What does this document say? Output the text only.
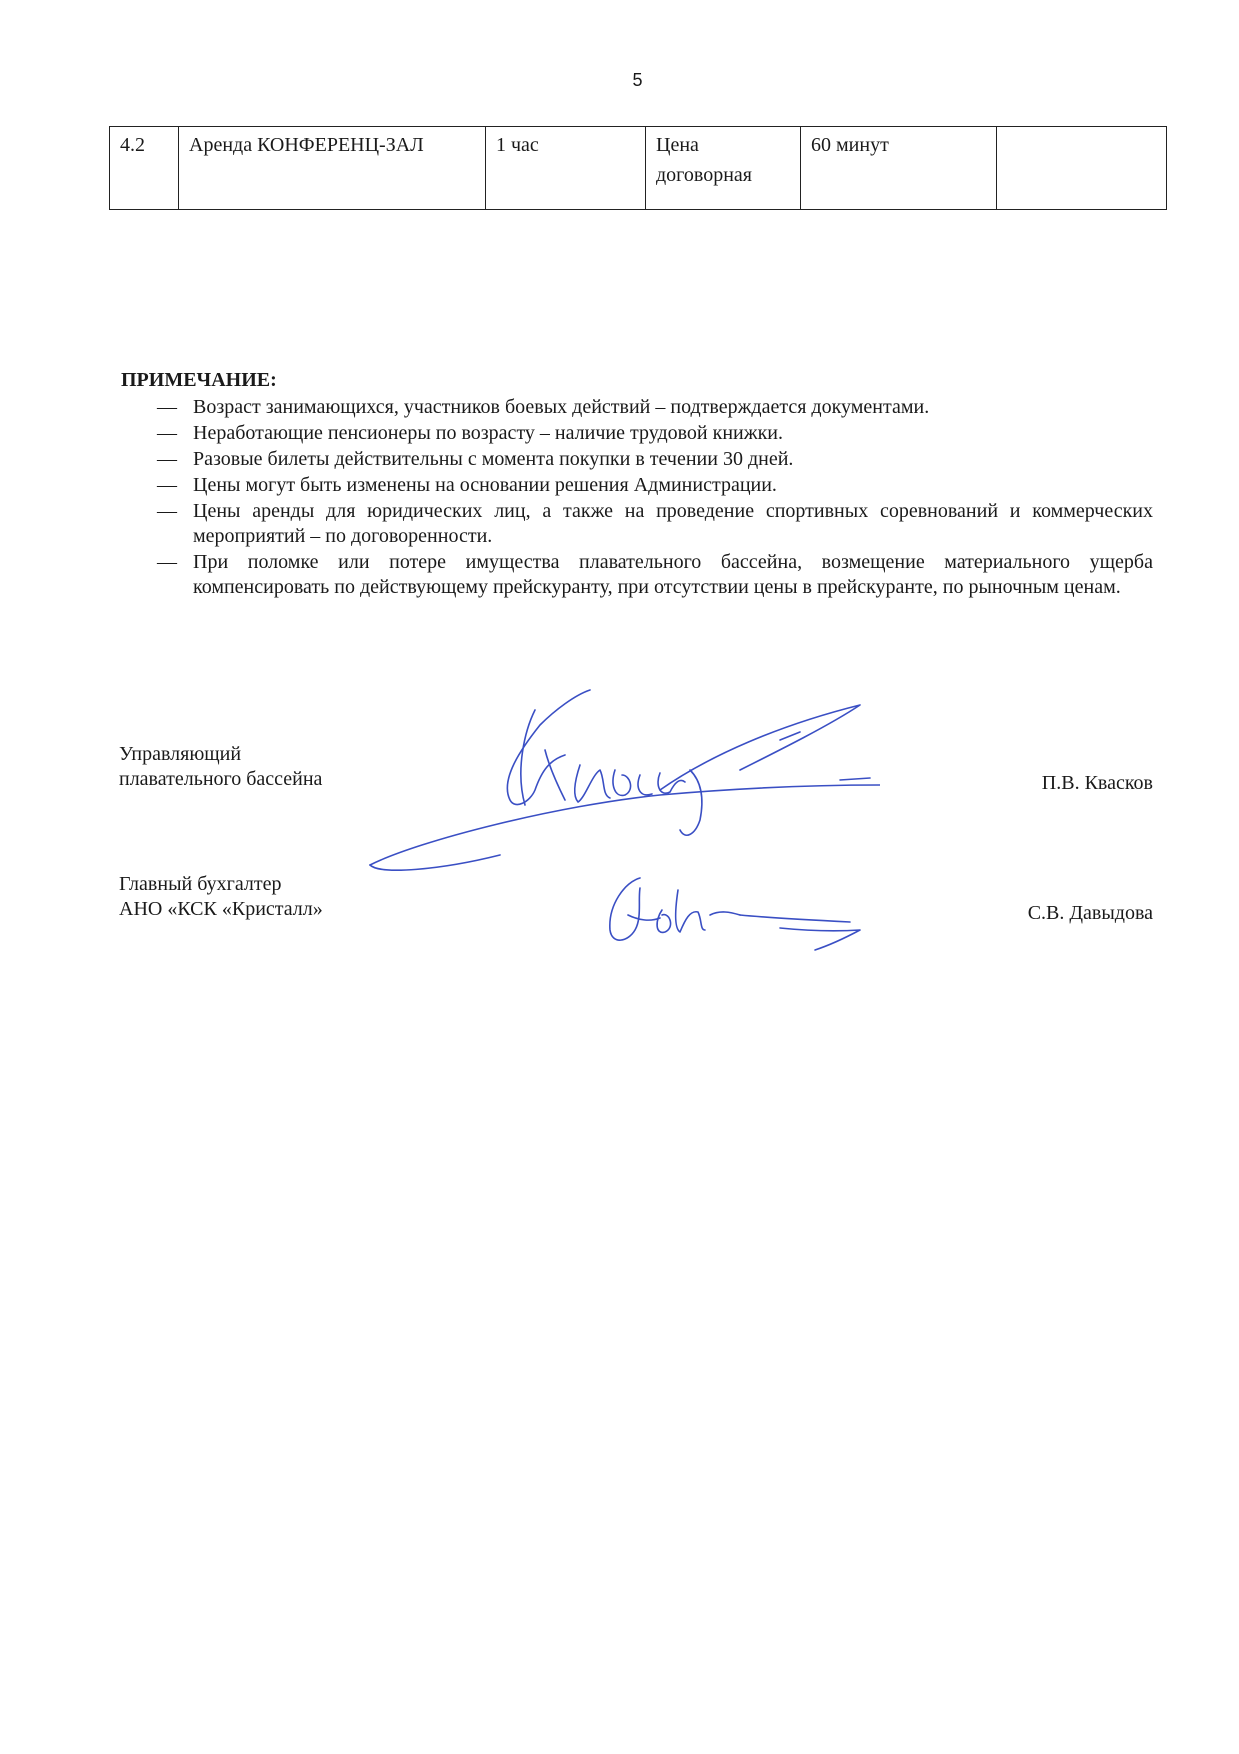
5
4.2	Аренда КОНФЕРЕНЦ-ЗАЛ	1 час	Цена договорная	60 минут	
ПРИМЕЧАНИЕ:
— Возраст занимающихся, участников боевых действий – подтверждается документами.
— Неработающие пенсионеры по возрасту – наличие трудовой книжки.
— Разовые билеты действительны с момента покупки в течении 30 дней.
— Цены могут быть изменены на основании решения Администрации.
— Цены аренды для юридических лиц, а также на проведение спортивных соревнований и коммерческих мероприятий – по договоренности.
— При поломке или потере имущества плавательного бассейна, возмещение материального ущерба компенсировать по действующему прейскуранту, при отсутствии цены в прейскуранте, по рыночным ценам.
Управляющий
плавательного бассейна	П.В. Квасков
Главный бухгалтер
АНО «КСК «Кристалл»	С.В. Давыдова
